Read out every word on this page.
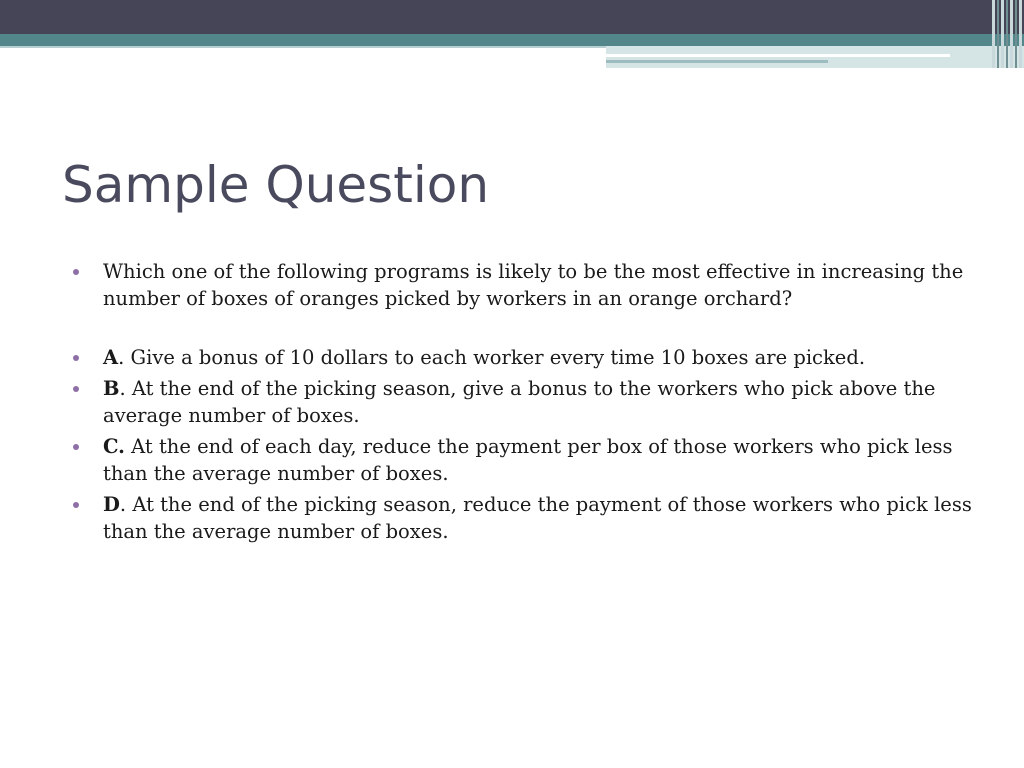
Sample Question
Which one of the following programs is likely to be the most effective in increasing the number of boxes of oranges picked by workers in an orange orchard?
A. Give a bonus of 10 dollars to each worker every time 10 boxes are picked.
B. At the end of the picking season, give a bonus to the workers who pick above the average number of boxes.
C. At the end of each day, reduce the payment per box of those workers who pick less than the average number of boxes.
D. At the end of the picking season, reduce the payment of those workers who pick less than the average number of boxes.
